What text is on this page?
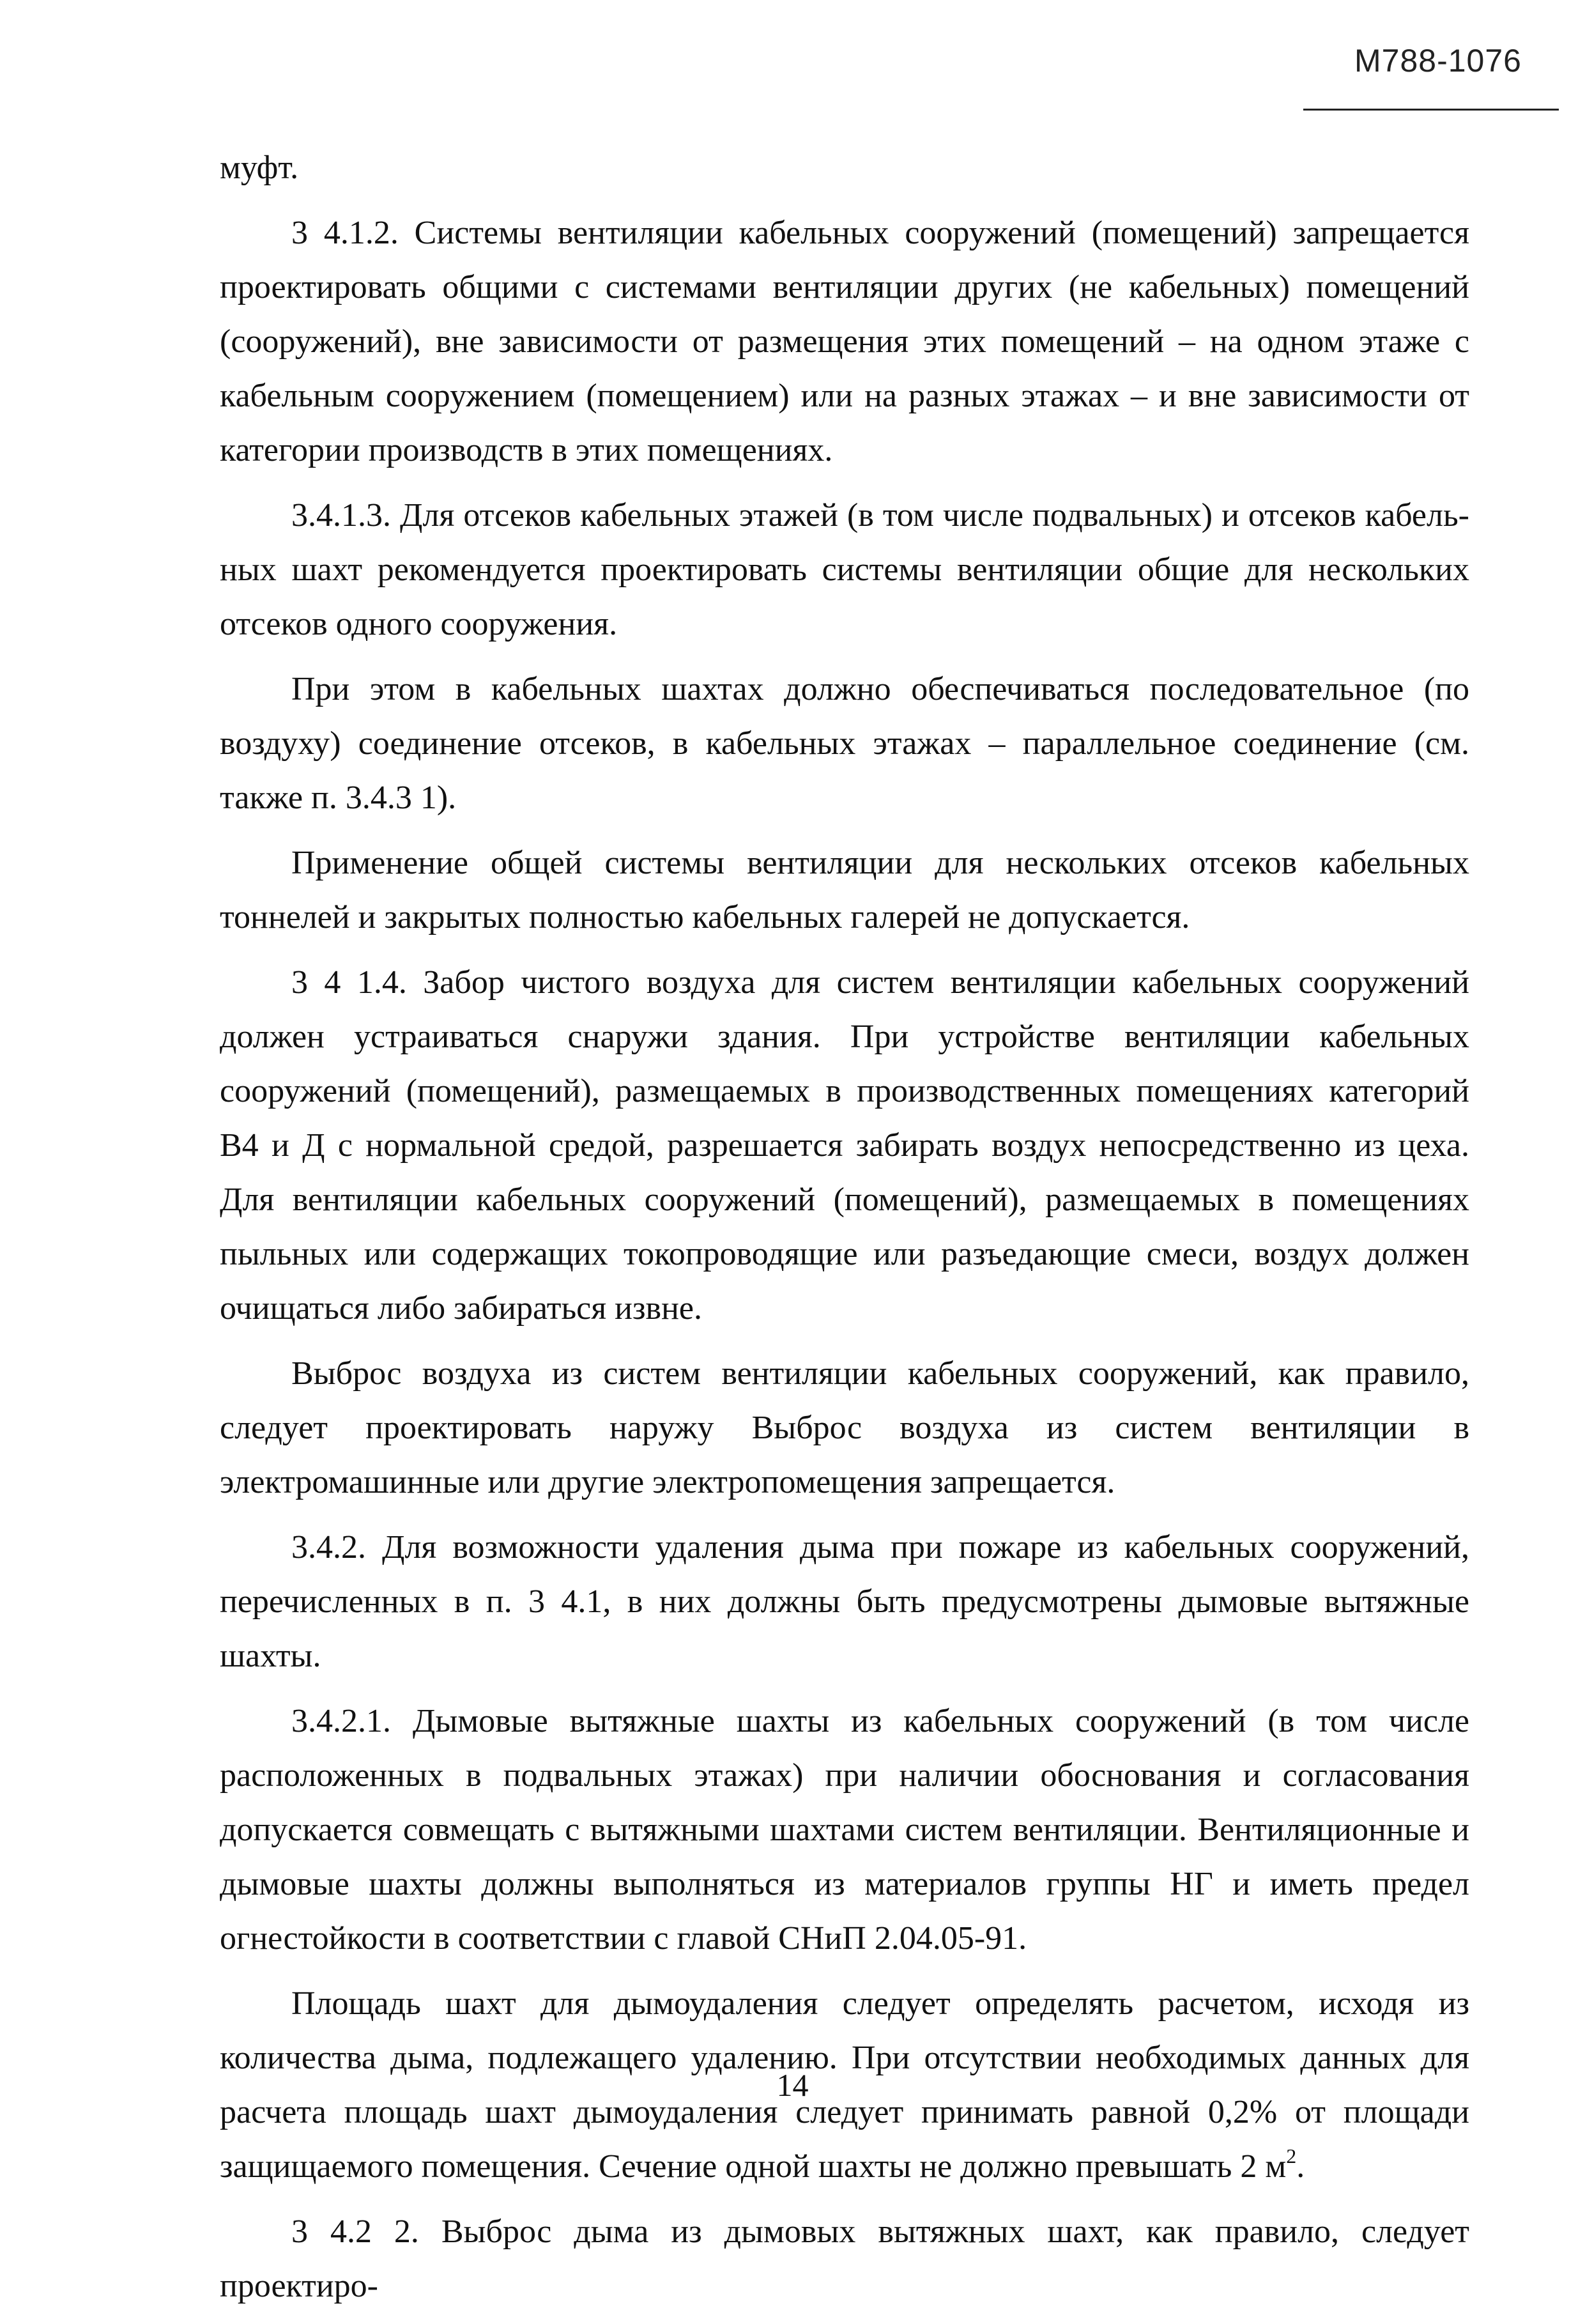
М788-1076

муфт.

3 4.1.2. Системы вентиляции кабельных сооружений (помещений) запрещается проектировать общими с системами вентиляции других (не кабельных) помещений (сооружений), вне зависимости от размещения этих помещений – на одном этаже с кабельным сооружением (помещением) или на разных этажах – и вне зависимости от категории производств в этих помещениях.

3.4.1.3. Для отсеков кабельных этажей (в том числе подвальных) и отсеков кабельных шахт рекомендуется проектировать системы вентиляции общие для нескольких отсеков одного сооружения.

При этом в кабельных шахтах должно обеспечиваться последовательное (по воздуху) соединение отсеков, в кабельных этажах – параллельное соединение (см. также п. 3.4.3 1).

Применение общей системы вентиляции для нескольких отсеков кабельных тоннелей и закрытых полностью кабельных галерей не допускается.

3 4 1.4. Забор чистого воздуха для систем вентиляции кабельных сооружений должен устраиваться снаружи здания. При устройстве вентиляции кабельных сооружений (помещений), размещаемых в производственных помещениях категорий В4 и Д с нормальной средой, разрешается забирать воздух непосредственно из цеха. Для вентиляции кабельных сооружений (помещений), размещаемых в помещениях пыльных или содержащих токопроводящие или разъедающие смеси, воздух должен очищаться либо забираться извне.

Выброс воздуха из систем вентиляции кабельных сооружений, как правило, следует проектировать наружу Выброс воздуха из систем вентиляции в электромашинные или другие электропомещения запрещается.

3.4.2. Для возможности удаления дыма при пожаре из кабельных сооружений, перечисленных в п. 3 4.1, в них должны быть предусмотрены дымовые вытяжные шахты.

3.4.2.1. Дымовые вытяжные шахты из кабельных сооружений (в том числе расположенных в подвальных этажах) при наличии обоснования и согласования допускается совмещать с вытяжными шахтами систем вентиляции. Вентиляционные и дымовые шахты должны выполняться из материалов группы НГ и иметь предел огнестойкости в соответствии с главой СНиП 2.04.05-91.

Площадь шахт для дымоудаления следует определять расчетом, исходя из количества дыма, подлежащего удалению. При отсутствии необходимых данных для расчета площадь шахт дымоудаления следует принимать равной 0,2% от площади защищаемого помещения. Сечение одной шахты не должно превышать 2 $м^2$.

3 4.2 2. Выброс дыма из дымовых вытяжных шахт, как правило, следует проектиро-

14
